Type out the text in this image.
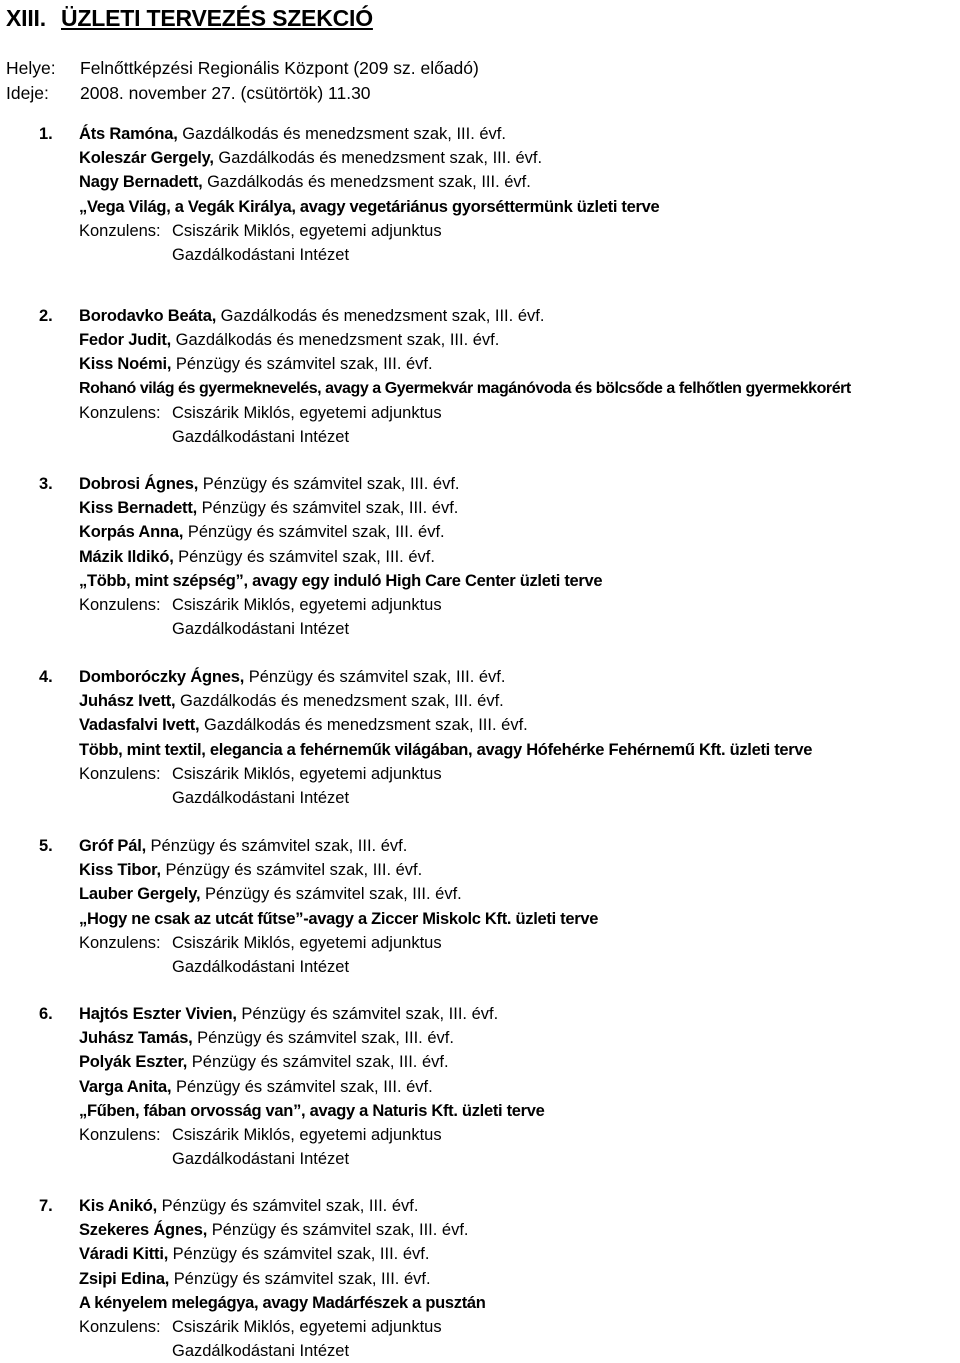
XIII. ÜZLETI TERVEZÉS SZEKCIÓ
Helye: Felnőttképzési Regionális Központ (209 sz. előadó)
Ideje: 2008. november 27. (csütörtök) 11.30
1. Áts Ramóna, Gazdálkodás és menedzsment szak, III. évf.
Koleszár Gergely, Gazdálkodás és menedzsment szak, III. évf.
Nagy Bernadett, Gazdálkodás és menedzsment szak, III. évf.
„Vega Világ, a Vegák Királya, avagy vegetáriánus gyorséttermünk üzleti terve
Konzulens: Csiszárik Miklós, egyetemi adjunktus
Gazdálkodástani Intézet
2. Borodavko Beáta, Gazdálkodás és menedzsment szak, III. évf.
Fedor Judit, Gazdálkodás és menedzsment szak, III. évf.
Kiss Noémi, Pénzügy és számvitel szak, III. évf.
Rohanó világ és gyermeknevelés, avagy a Gyermekvár magánóvoda és bölcsőde a felhőtlen gyermekkorért
Konzulens: Csiszárik Miklós, egyetemi adjunktus
Gazdálkodástani Intézet
3. Dobrosi Ágnes, Pénzügy és számvitel szak, III. évf.
Kiss Bernadett, Pénzügy és számvitel szak, III. évf.
Korpás Anna, Pénzügy és számvitel szak, III. évf.
Mázik Ildikó, Pénzügy és számvitel szak, III. évf.
„Több, mint szépség”, avagy egy induló High Care Center üzleti terve
Konzulens: Csiszárik Miklós, egyetemi adjunktus
Gazdálkodástani Intézet
4. Domboróczky Ágnes, Pénzügy és számvitel szak, III. évf.
Juhász Ivett, Gazdálkodás és menedzsment szak, III. évf.
Vadasfalvi Ivett, Gazdálkodás és menedzsment szak, III. évf.
Több, mint textil, elegancia a fehérneműk világában, avagy Hófehérke Fehérnemű Kft. üzleti terve
Konzulens: Csiszárik Miklós, egyetemi adjunktus
Gazdálkodástani Intézet
5. Gróf Pál, Pénzügy és számvitel szak, III. évf.
Kiss Tibor, Pénzügy és számvitel szak, III. évf.
Lauber Gergely, Pénzügy és számvitel szak, III. évf.
„Hogy ne csak az utcát fűtse”-avagy a Ziccer Miskolc Kft. üzleti terve
Konzulens: Csiszárik Miklós, egyetemi adjunktus
Gazdálkodástani Intézet
6. Hajtós Eszter Vivien, Pénzügy és számvitel szak, III. évf.
Juhász Tamás, Pénzügy és számvitel szak, III. évf.
Polyák Eszter, Pénzügy és számvitel szak, III. évf.
Varga Anita, Pénzügy és számvitel szak, III. évf.
„Fűben, fában orvosság van”, avagy a Naturis Kft. üzleti terve
Konzulens: Csiszárik Miklós, egyetemi adjunktus
Gazdálkodástani Intézet
7. Kis Anikó, Pénzügy és számvitel szak, III. évf.
Szekeres Ágnes, Pénzügy és számvitel szak, III. évf.
Váradi Kitti, Pénzügy és számvitel szak, III. évf.
Zsipi Edina, Pénzügy és számvitel szak, III. évf.
A kényelem melegágya, avagy Madárfészek a pusztán
Konzulens: Csiszárik Miklós, egyetemi adjunktus
Gazdálkodástani Intézet
